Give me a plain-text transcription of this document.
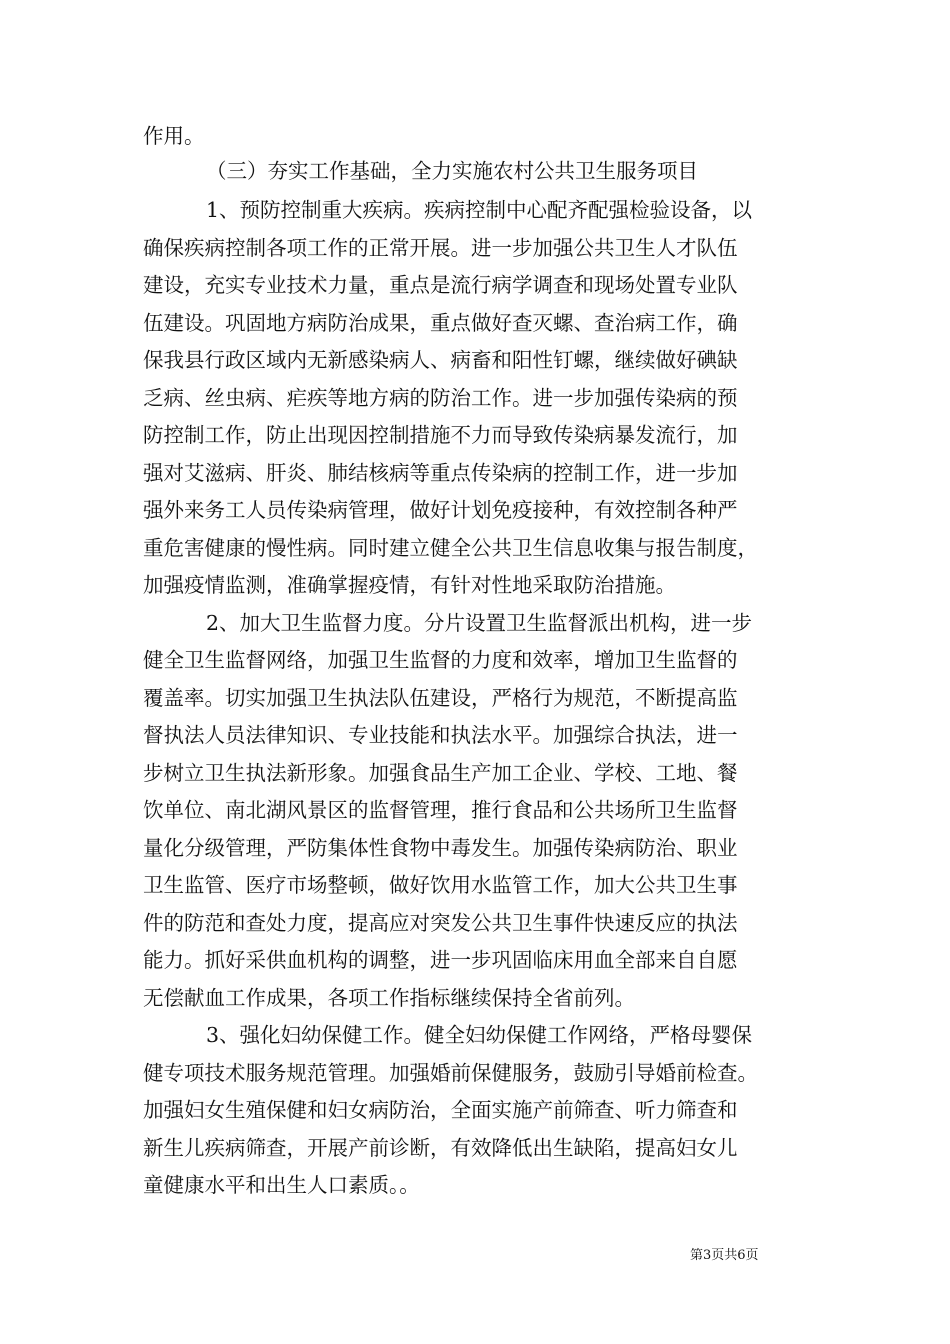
作用。
（三）夯实工作基础，全力实施农村公共卫生服务项目
1、预防控制重大疾病。疾病控制中心配齐配强检验设备，以
确保疾病控制各项工作的正常开展。进一步加强公共卫生人才队伍
建设，充实专业技术力量，重点是流行病学调查和现场处置专业队
伍建设。巩固地方病防治成果，重点做好查灭螺、查治病工作，确
保我县行政区域内无新感染病人、病畜和阳性钉螺，继续做好碘缺
乏病、丝虫病、疟疾等地方病的防治工作。进一步加强传染病的预
防控制工作，防止出现因控制措施不力而导致传染病暴发流行，加
强对艾滋病、肝炎、肺结核病等重点传染病的控制工作，进一步加
强外来务工人员传染病管理，做好计划免疫接种，有效控制各种严
重危害健康的慢性病。同时建立健全公共卫生信息收集与报告制度，
加强疫情监测，准确掌握疫情，有针对性地采取防治措施。
2、加大卫生监督力度。分片设置卫生监督派出机构，进一步
健全卫生监督网络，加强卫生监督的力度和效率，增加卫生监督的
覆盖率。切实加强卫生执法队伍建设，严格行为规范，不断提高监
督执法人员法律知识、专业技能和执法水平。加强综合执法，进一
步树立卫生执法新形象。加强食品生产加工企业、学校、工地、餐
饮单位、南北湖风景区的监督管理，推行食品和公共场所卫生监督
量化分级管理，严防集体性食物中毒发生。加强传染病防治、职业
卫生监管、医疗市场整顿，做好饮用水监管工作，加大公共卫生事
件的防范和查处力度，提高应对突发公共卫生事件快速反应的执法
能力。抓好采供血机构的调整，进一步巩固临床用血全部来自自愿
无偿献血工作成果，各项工作指标继续保持全省前列。
3、强化妇幼保健工作。健全妇幼保健工作网络，严格母婴保
健专项技术服务规范管理。加强婚前保健服务，鼓励引导婚前检查。
加强妇女生殖保健和妇女病防治，全面实施产前筛查、听力筛查和
新生儿疾病筛查，开展产前诊断，有效降低出生缺陷，提高妇女儿
童健康水平和出生人口素质。。
第3页共6页
